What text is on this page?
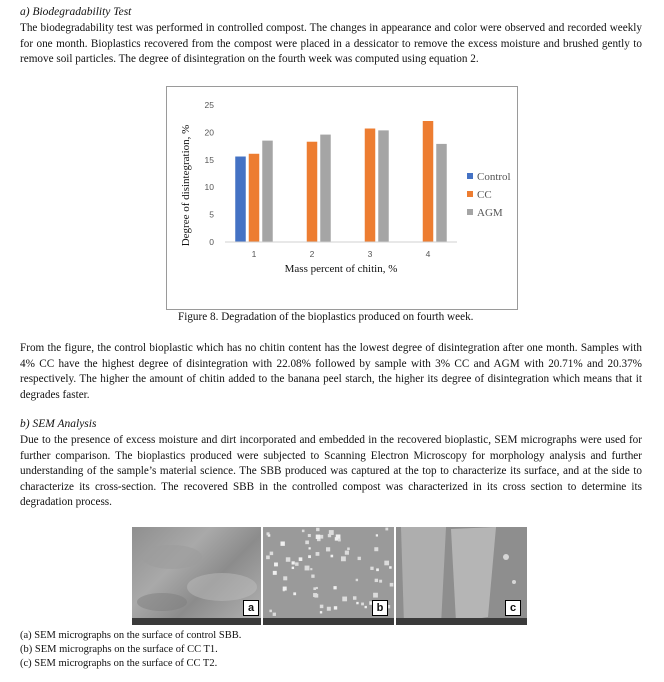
a) Biodegradability Test
The biodegradability test was performed in controlled compost. The changes in appearance and color were observed and recorded weekly for one month. Bioplastics recovered from the compost were placed in a dessicator to remove the excess moisture and brushed gently to remove soil particles. The degree of disintegration on the fourth week was computed using equation 2.
0
5
10
15
20
25
1	2	3	4
Control
CC
AGM
Mass percent of chitin, %
Degree of disintegration, %
Figure 8. Degradation of the bioplastics produced on fourth week.
From the figure, the control bioplastic which has no chitin content has the lowest degree of disintegration after one month. Samples with 4% CC have the highest degree of disintegration with 22.08% followed by sample with 3% CC and AGM with 20.71% and 20.37% respectively. The higher the amount of chitin added to the banana peel starch, the higher its degree of disintegration which means that it degrades faster.
b) SEM Analysis
Due to the presence of excess moisture and dirt incorporated and embedded in the recovered bioplastic, SEM micrographs were used for further comparison. The bioplastics produced were subjected to Scanning Electron Microscopy for morphology analysis and further understanding of the sample’s material science. The SBB produced was captured at the top to characterize its surface, and at the side to characterize its cross-section. The recovered SBB in the controlled compost was characterized in its cross section to determine its degradation process.
a	b	c
(a) SEM micrographs on the surface of control SBB.
(b) SEM micrographs on the surface of CC T1.
(c) SEM micrographs on the surface of CC T2.
